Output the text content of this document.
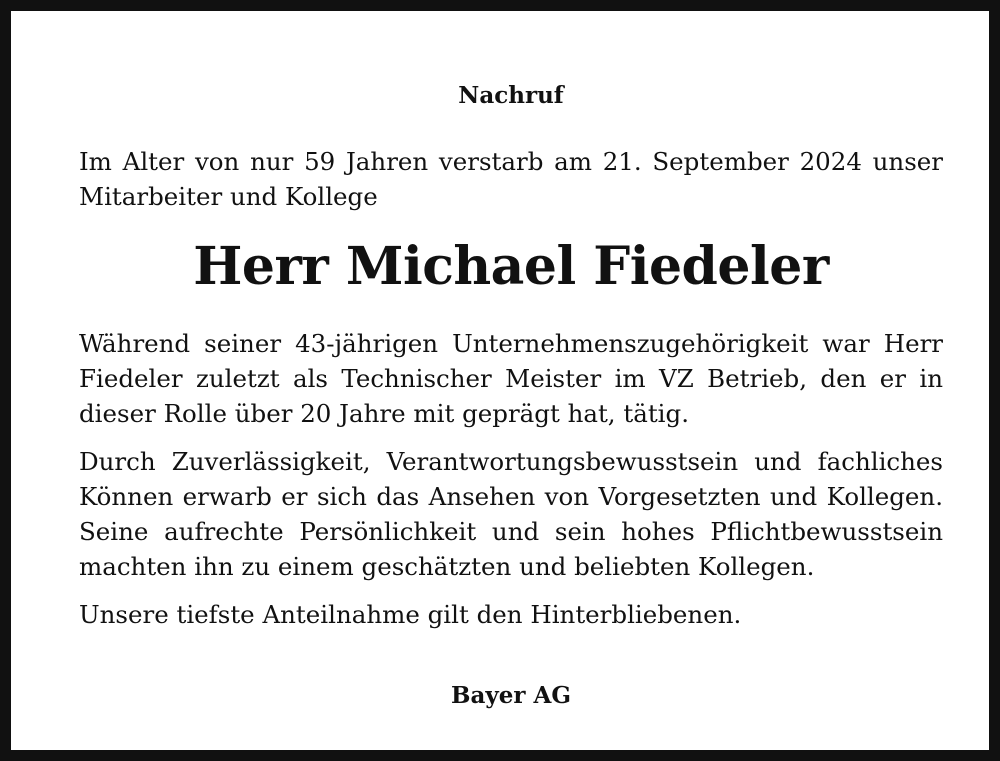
Nachruf
Im Alter von nur 59 Jahren verstarb am 21. September 2024 unser Mitarbeiter und Kollege
Herr Michael Fiedeler
Während seiner 43-jährigen Unternehmenszugehörigkeit war Herr Fiedeler zuletzt als Technischer Meister im VZ Betrieb, den er in dieser Rolle über 20 Jahre mit geprägt hat, tätig.
Durch Zuverlässigkeit, Verantwortungsbewusstsein und fachliches Können erwarb er sich das Ansehen von Vorgesetzten und Kollegen. Seine aufrechte Persönlichkeit und sein hohes Pflichtbewusstsein machten ihn zu einem geschätzten und beliebten Kollegen.
Unsere tiefste Anteilnahme gilt den Hinterbliebenen.
Bayer AG
